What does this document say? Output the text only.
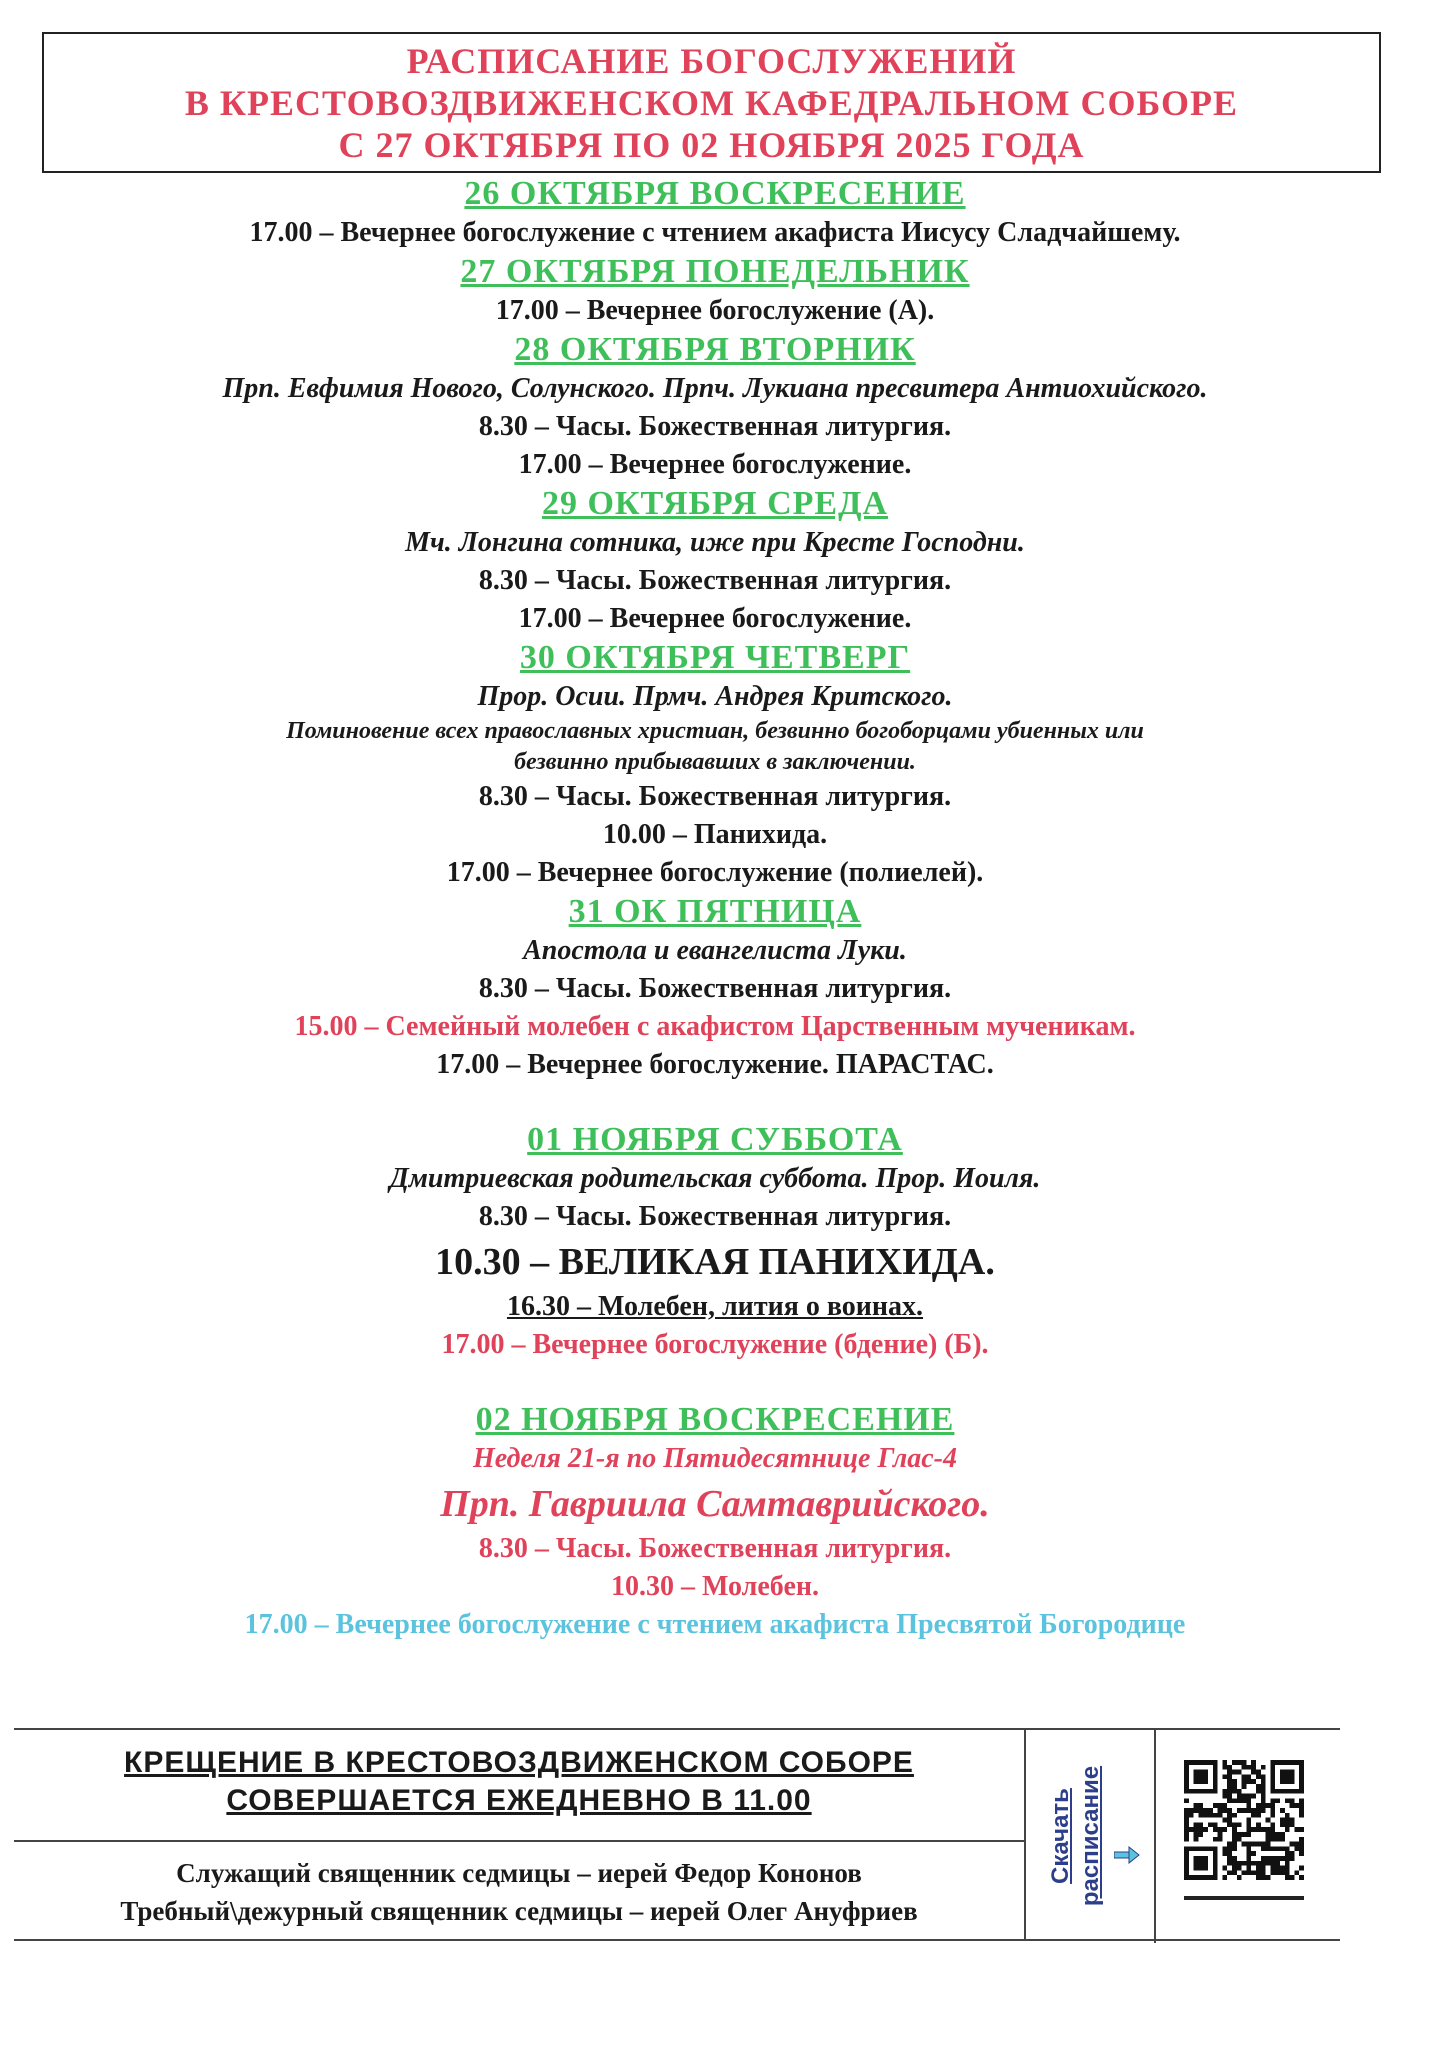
РАСПИСАНИЕ БОГОСЛУЖЕНИЙ
В КРЕСТОВОЗДВИЖЕНСКОМ КАФЕДРАЛЬНОМ СОБОРЕ
С 27 ОКТЯБРЯ ПО 02 НОЯБРЯ 2025 ГОДА
26 ОКТЯБРЯ ВОСКРЕСЕНИЕ
17.00 – Вечернее богослужение с чтением акафиста Иисусу Сладчайшему.
27 ОКТЯБРЯ ПОНЕДЕЛЬНИК
17.00 – Вечернее богослужение (А).
28 ОКТЯБРЯ ВТОРНИК
Прп. Евфимия Нового, Солунского. Прпч. Лукиана пресвитера Антиохийского.
8.30 – Часы. Божественная литургия.
17.00 – Вечернее богослужение.
29 ОКТЯБРЯ СРЕДА
Мч. Лонгина сотника, иже при Кресте Господни.
8.30 – Часы. Божественная литургия.
17.00 – Вечернее богослужение.
30 ОКТЯБРЯ ЧЕТВЕРГ
Прор. Осии. Прмч. Андрея Критского.
Поминовение всех православных христиан, безвинно богоборцами убиенных или
безвинно прибывавших в заключении.
8.30 – Часы. Божественная литургия.
10.00 – Панихида.
17.00 – Вечернее богослужение (полиелей).
31 ОК ПЯТНИЦА
Апостола и евангелиста Луки.
8.30 – Часы. Божественная литургия.
15.00 – Семейный молебен с акафистом Царственным мученикам.
17.00 – Вечернее богослужение. ПАРАСТАС.
01 НОЯБРЯ СУББОТА
Дмитриевская родительская суббота. Прор. Иоиля.
8.30 – Часы. Божественная литургия.
10.30 – ВЕЛИКАЯ ПАНИХИДА.
16.30 – Молебен, лития о воинах.
17.00 – Вечернее богослужение (бдение) (Б).
02 НОЯБРЯ ВОСКРЕСЕНИЕ
Неделя 21-я по Пятидесятнице Глас-4
Прп. Гавриила Самтаврийского.
8.30 – Часы. Божественная литургия.
10.30 – Молебен.
17.00 – Вечернее богослужение с чтением акафиста Пресвятой Богородице
КРЕЩЕНИЕ В КРЕСТОВОЗДВИЖЕНСКОМ СОБОРЕ
СОВЕРШАЕТСЯ ЕЖЕДНЕВНО В 11.00
Служащий священник седмицы – иерей Федор Кононов
Требный\дежурный священник седмицы – иерей Олег Ануфриев
Скачать расписание
